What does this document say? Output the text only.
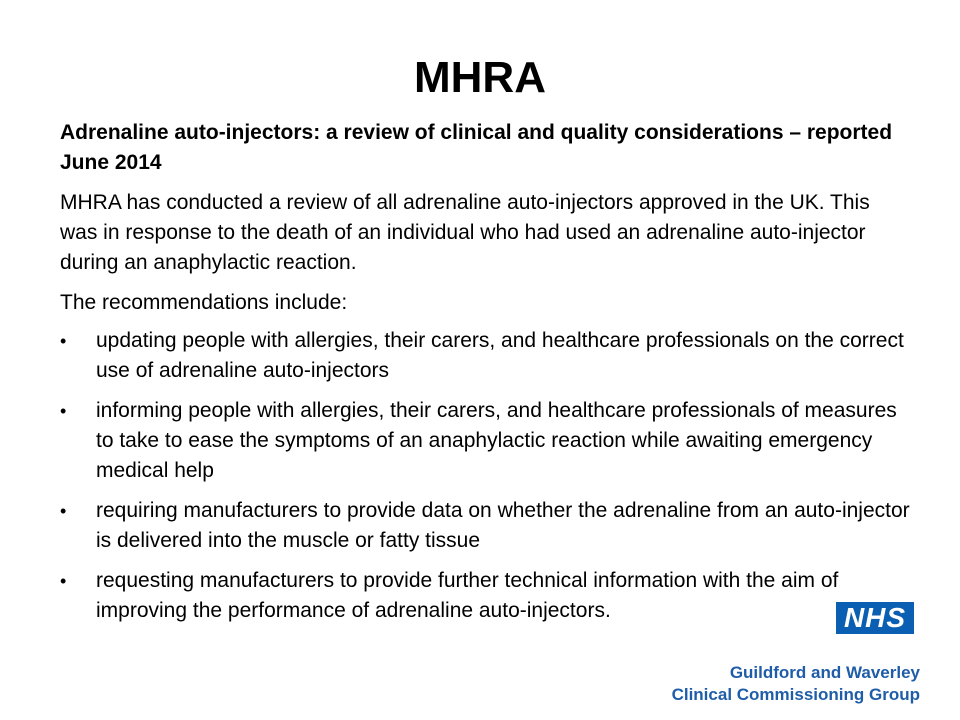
MHRA

Adrenaline auto-injectors: a review of clinical and quality considerations – reported June 2014

MHRA has conducted a review of all adrenaline auto-injectors approved in the UK. This was in response to the death of an individual who had used an adrenaline auto-injector during an anaphylactic reaction.

The recommendations include:

• updating people with allergies, their carers, and healthcare professionals on the correct use of adrenaline auto-injectors
• informing people with allergies, their carers, and healthcare professionals of measures to take to ease the symptoms of an anaphylactic reaction while awaiting emergency medical help
• requiring manufacturers to provide data on whether the adrenaline from an auto-injector is delivered into the muscle or fatty tissue
• requesting manufacturers to provide further technical information with the aim of improving the performance of adrenaline auto-injectors.	NHS
Guildford and Waverley
Clinical Commissioning Group
